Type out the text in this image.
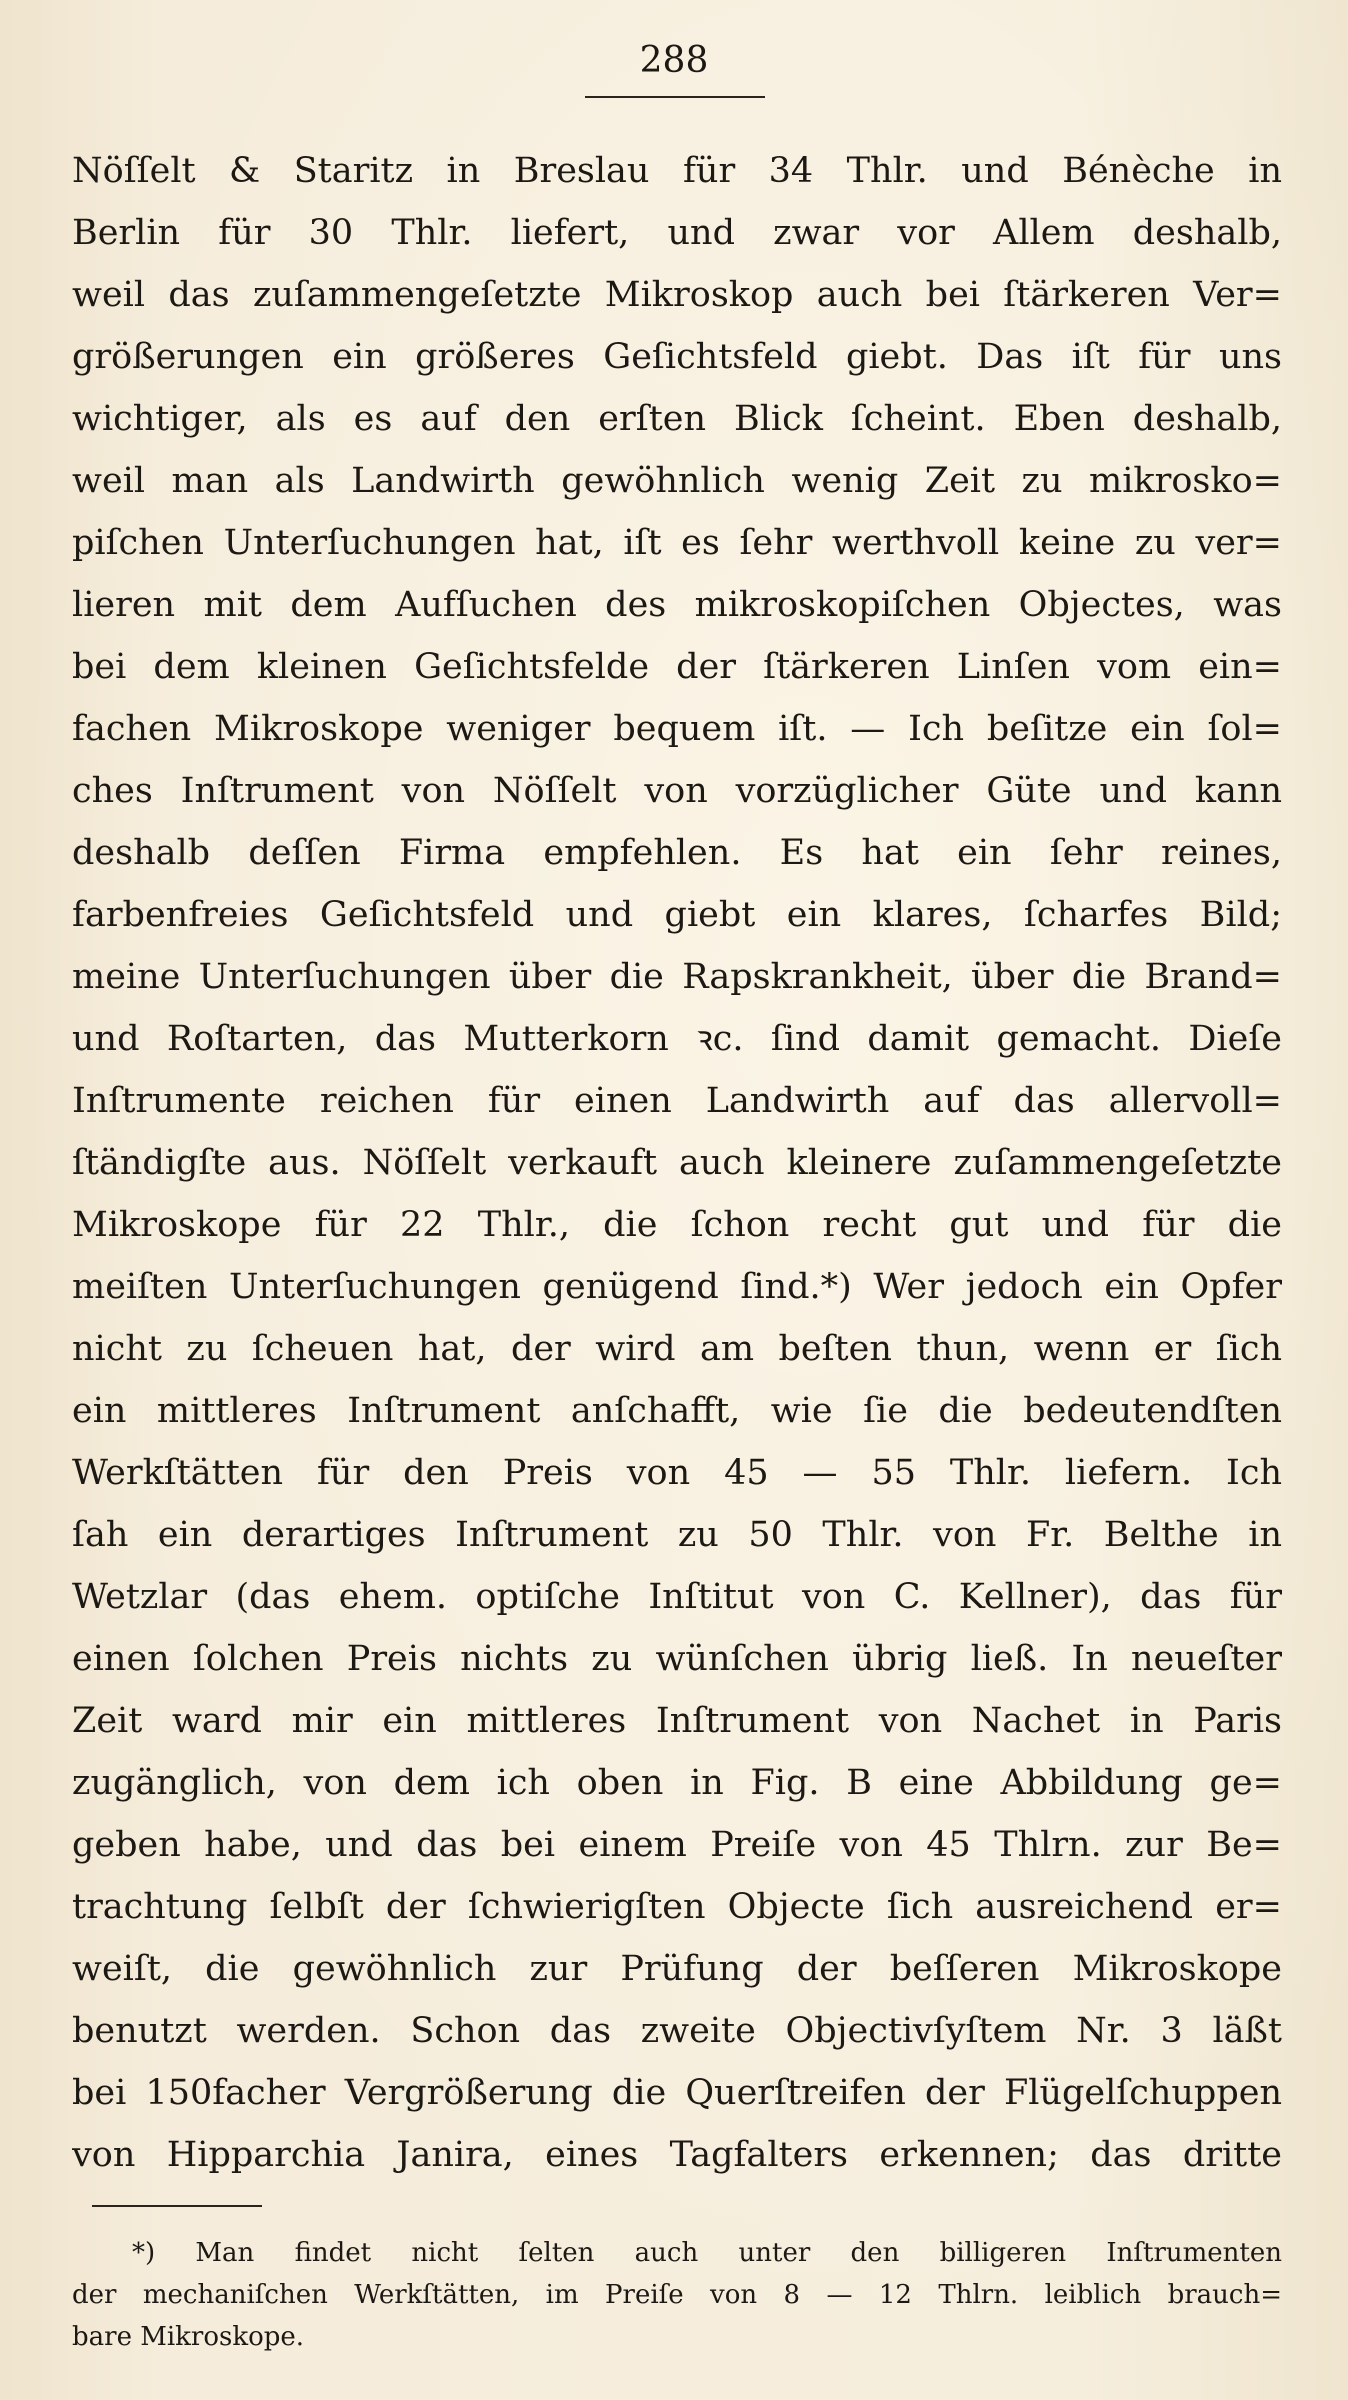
288
Nöſſelt & Staritz in Breslau für 34 Thlr. und Bénèche in
Berlin für 30 Thlr. liefert, und zwar vor Allem deshalb,
weil das zuſammengeſetzte Mikroskop auch bei ſtärkeren Ver=
größerungen ein größeres Geſichtsfeld giebt. Das iſt für uns
wichtiger, als es auf den erſten Blick ſcheint. Eben deshalb,
weil man als Landwirth gewöhnlich wenig Zeit zu mikrosko=
piſchen Unterſuchungen hat, iſt es ſehr werthvoll keine zu ver=
lieren mit dem Aufſuchen des mikroskopiſchen Objectes, was
bei dem kleinen Geſichtsfelde der ſtärkeren Linſen vom ein=
fachen Mikroskope weniger bequem iſt. — Ich beſitze ein ſol=
ches Inſtrument von Nöſſelt von vorzüglicher Güte und kann
deshalb deſſen Firma empfehlen. Es hat ein ſehr reines,
farbenfreies Geſichtsfeld und giebt ein klares, ſcharfes Bild;
meine Unterſuchungen über die Rapskrankheit, über die Brand=
und Roſtarten, das Mutterkorn ꝛc. ſind damit gemacht. Dieſe
Inſtrumente reichen für einen Landwirth auf das allervoll=
ſtändigſte aus. Nöſſelt verkauft auch kleinere zuſammengeſetzte
Mikroskope für 22 Thlr., die ſchon recht gut und für die
meiſten Unterſuchungen genügend ſind.*) Wer jedoch ein Opfer
nicht zu ſcheuen hat, der wird am beſten thun, wenn er ſich
ein mittleres Inſtrument anſchafft, wie ſie die bedeutendſten
Werkſtätten für den Preis von 45 — 55 Thlr. liefern. Ich
ſah ein derartiges Inſtrument zu 50 Thlr. von Fr. Belthe in
Wetzlar (das ehem. optiſche Inſtitut von C. Kellner), das für
einen ſolchen Preis nichts zu wünſchen übrig ließ. In neueſter
Zeit ward mir ein mittleres Inſtrument von Nachet in Paris
zugänglich, von dem ich oben in Fig. B eine Abbildung ge=
geben habe, und das bei einem Preiſe von 45 Thlrn. zur Be=
trachtung ſelbſt der ſchwierigſten Objecte ſich ausreichend er=
weiſt, die gewöhnlich zur Prüfung der beſſeren Mikroskope
benutzt werden. Schon das zweite Objectivſyſtem Nr. 3 läßt
bei 150facher Vergrößerung die Querſtreifen der Flügelſchuppen
von Hipparchia Janira, eines Tagfalters erkennen; das dritte
*) Man findet nicht ſelten auch unter den billigeren Inſtrumenten
der mechaniſchen Werkſtätten, im Preiſe von 8 — 12 Thlrn. leiblich brauch=
bare Mikroskope.
